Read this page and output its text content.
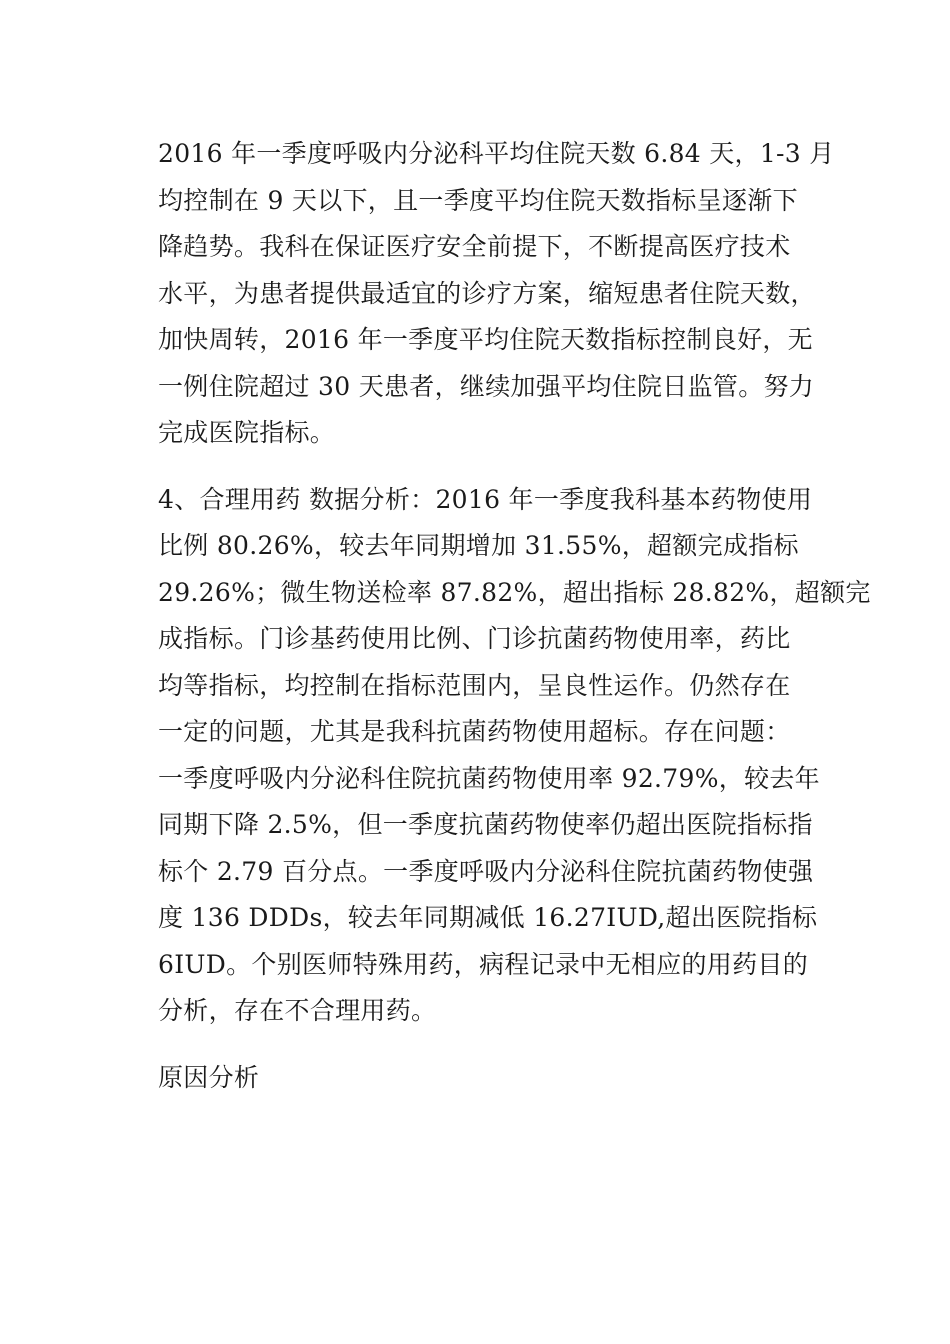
2016 年一季度呼吸内分泌科平均住院天数 6.84 天，1-3 月
均控制在 9 天以下，且一季度平均住院天数指标呈逐渐下
降趋势。我科在保证医疗安全前提下，不断提高医疗技术
水平，为患者提供最适宜的诊疗方案，缩短患者住院天数，
加快周转，2016 年一季度平均住院天数指标控制良好，无
一例住院超过 30 天患者，继续加强平均住院日监管。努力
完成医院指标。

4、合理用药 数据分析：2016 年一季度我科基本药物使用
比例 80.26%，较去年同期增加 31.55%，超额完成指标
29.26%；微生物送检率 87.82%，超出指标 28.82%，超额完
成指标。门诊基药使用比例、门诊抗菌药物使用率，药比
均等指标，均控制在指标范围内，呈良性运作。仍然存在
一定的问题，尤其是我科抗菌药物使用超标。存在问题：
一季度呼吸内分泌科住院抗菌药物使用率 92.79%，较去年
同期下降 2.5%，但一季度抗菌药物使率仍超出医院指标指
标个 2.79 百分点。一季度呼吸内分泌科住院抗菌药物使强
度 136 DDDs，较去年同期减低 16.27IUD,超出医院指标
6IUD。个别医师特殊用药，病程记录中无相应的用药目的
分析，存在不合理用药。

原因分析
